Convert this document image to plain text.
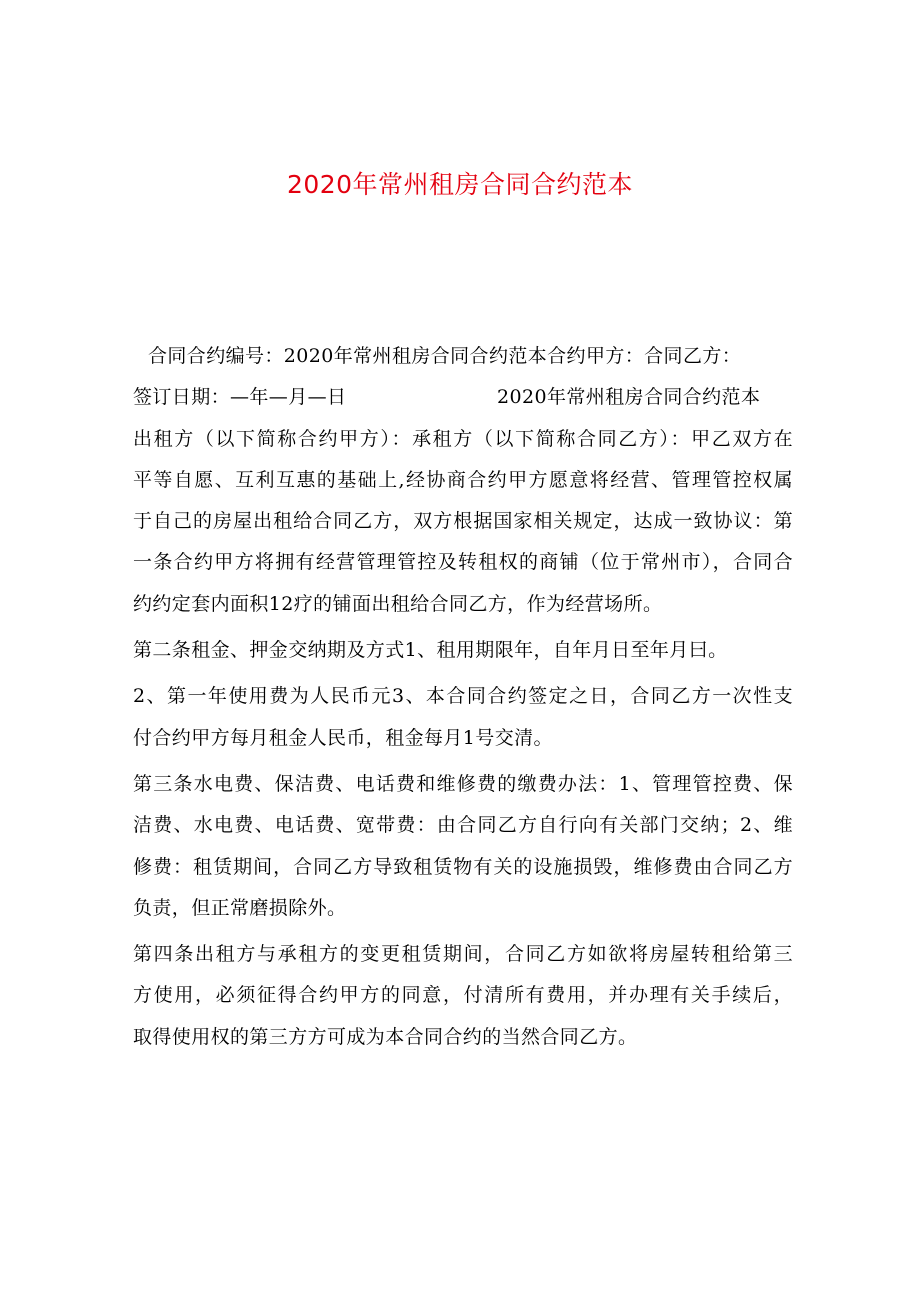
2020年常州租房合同合约范本
合同合约编号：2020年常州租房合同合约范本合约甲方：合同乙方：
签订日期：—年—月—日	2020年常州租房合同合约范本
出租方（以下简称合约甲方）：承租方（以下简称合同乙方）：甲乙双方在
平等自愿、互利互惠的基础上,经协商合约甲方愿意将经营、管理管控权属
于自己的房屋出租给合同乙方，双方根据国家相关规定，达成一致协议：第
一条合约甲方将拥有经营管理管控及转租权的商铺（位于常州市），合同合
约约定套内面积12疗的铺面出租给合同乙方，作为经营场所。
第二条租金、押金交纳期及方式1、租用期限年，自年月日至年月曰。
2、第一年使用费为人民币元3、本合同合约签定之日，合同乙方一次性支
付合约甲方每月租金人民币，租金每月1号交清。
第三条水电费、保洁费、电话费和维修费的缴费办法：1、管理管控费、保
洁费、水电费、电话费、宽带费：由合同乙方自行向有关部门交纳；2、维
修费：租赁期间，合同乙方导致租赁物有关的设施损毁，维修费由合同乙方
负责，但正常磨损除外。
第四条出租方与承租方的变更租赁期间，合同乙方如欲将房屋转租给第三
方使用，必须征得合约甲方的同意，付清所有费用，并办理有关手续后，
取得使用权的第三方方可成为本合同合约的当然合同乙方。
